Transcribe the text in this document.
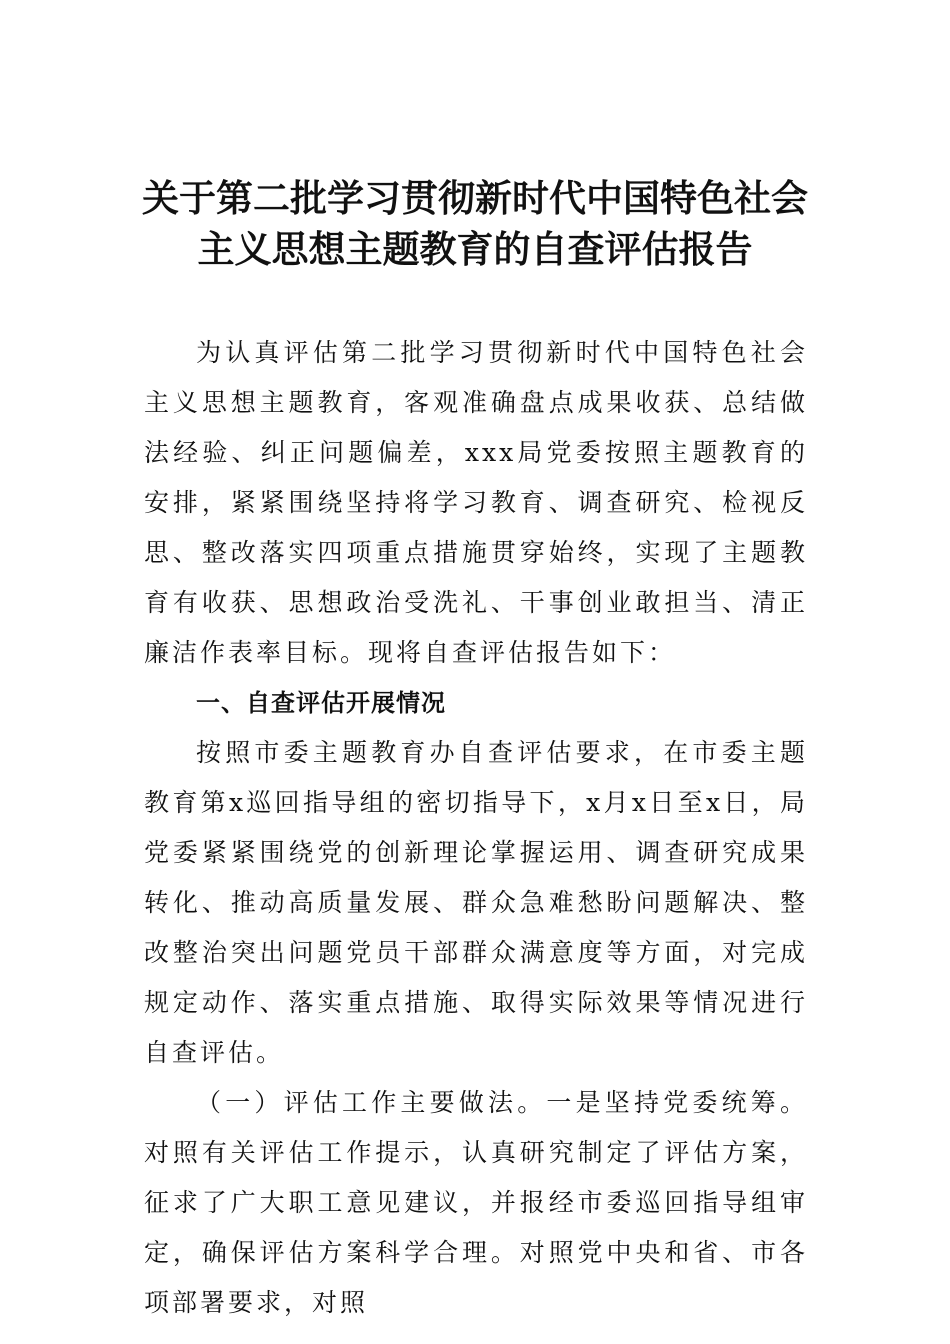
关于第二批学习贯彻新时代中国特色社会
主义思想主题教育的自查评估报告

为认真评估第二批学习贯彻新时代中国特色社会主义思想主题教育，客观准确盘点成果收获、总结做法经验、纠正问题偏差，xxx局党委按照主题教育的安排，紧紧围绕坚持将学习教育、调查研究、检视反思、整改落实四项重点措施贯穿始终，实现了主题教育有收获、思想政治受洗礼、干事创业敢担当、清正廉洁作表率目标。现将自查评估报告如下：

一、自查评估开展情况

按照市委主题教育办自查评估要求，在市委主题教育第x巡回指导组的密切指导下，x月x日至x日，局党委紧紧围绕党的创新理论掌握运用、调查研究成果转化、推动高质量发展、群众急难愁盼问题解决、整改整治突出问题党员干部群众满意度等方面，对完成规定动作、落实重点措施、取得实际效果等情况进行自查评估。

（一）评估工作主要做法。一是坚持党委统筹。对照有关评估工作提示，认真研究制定了评估方案，征求了广大职工意见建议，并报经市委巡回指导组审定，确保评估方案科学合理。对照党中央和省、市各项部署要求，对照
